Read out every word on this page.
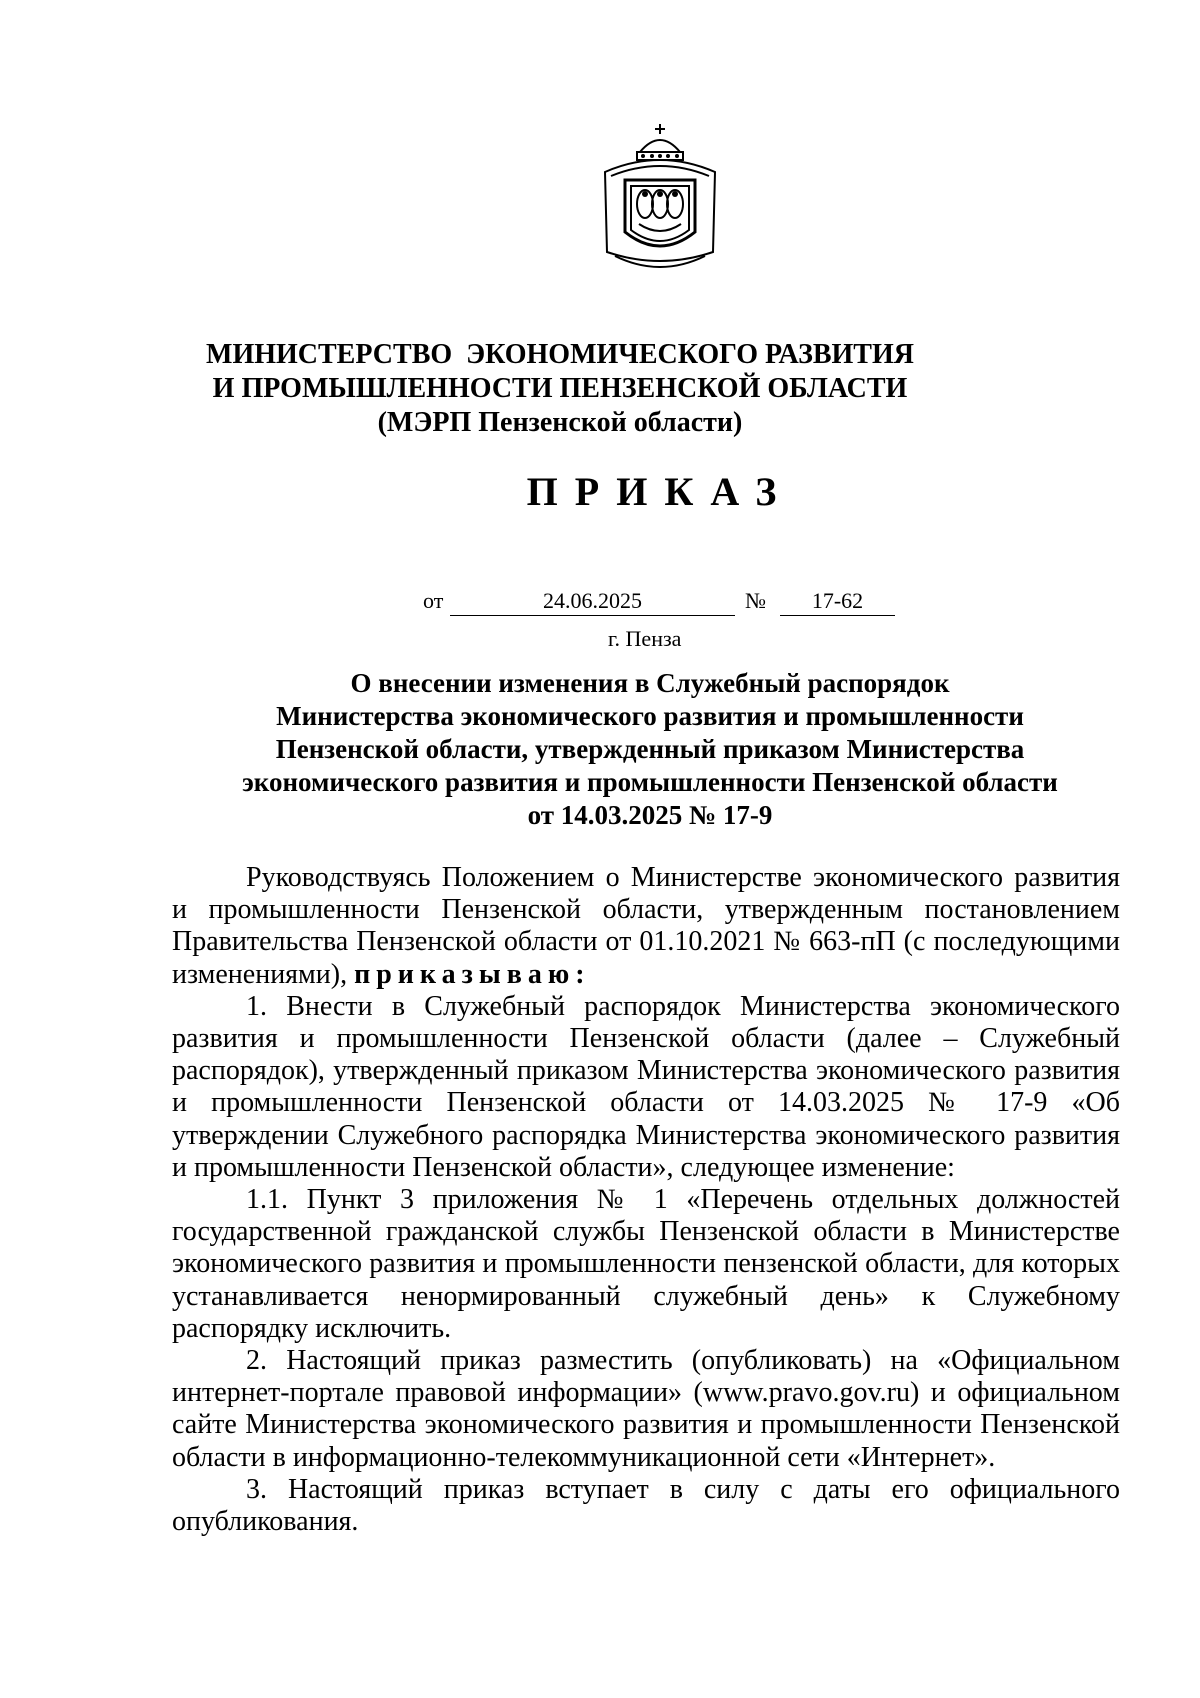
МИНИСТЕРСТВО  ЭКОНОМИЧЕСКОГО РАЗВИТИЯ
И ПРОМЫШЛЕННОСТИ ПЕНЗЕНСКОЙ ОБЛАСТИ
(МЭРП Пензенской области)
ПРИКАЗ
от	24.06.2025	№	17-62
г. Пенза
О внесении изменения в Служебный распорядок
Министерства экономического развития и промышленности
Пензенской области, утвержденный приказом Министерства
экономического развития и промышленности Пензенской области
от 14.03.2025 № 17-9

Руководствуясь Положением о Министерстве экономического развития и промышленности Пензенской области, утвержденным постановлением Правительства Пензенской области от 01.10.2021 № 663-пП (с последующими изменениями), приказываю:

1. Внести в Служебный распорядок Министерства экономического развития и промышленности Пензенской области (далее – Служебный распорядок), утвержденный приказом Министерства экономического развития и промышленности Пензенской области от 14.03.2025 № 17-9 «Об утверждении Служебного распорядка Министерства экономического развития и промышленности Пензенской области», следующее изменение:

1.1. Пункт 3 приложения № 1 «Перечень отдельных должностей государственной гражданской службы Пензенской области в Министерстве экономического развития и промышленности пензенской области, для которых устанавливается ненормированный служебный день» к Служебному распорядку исключить.

2. Настоящий приказ разместить (опубликовать) на «Официальном интернет-портале правовой информации» (www.pravo.gov.ru) и официальном сайте Министерства экономического развития и промышленности Пензенской области в информационно-телекоммуникационной сети «Интернет».

3. Настоящий приказ вступает в силу с даты его официального опубликования.
